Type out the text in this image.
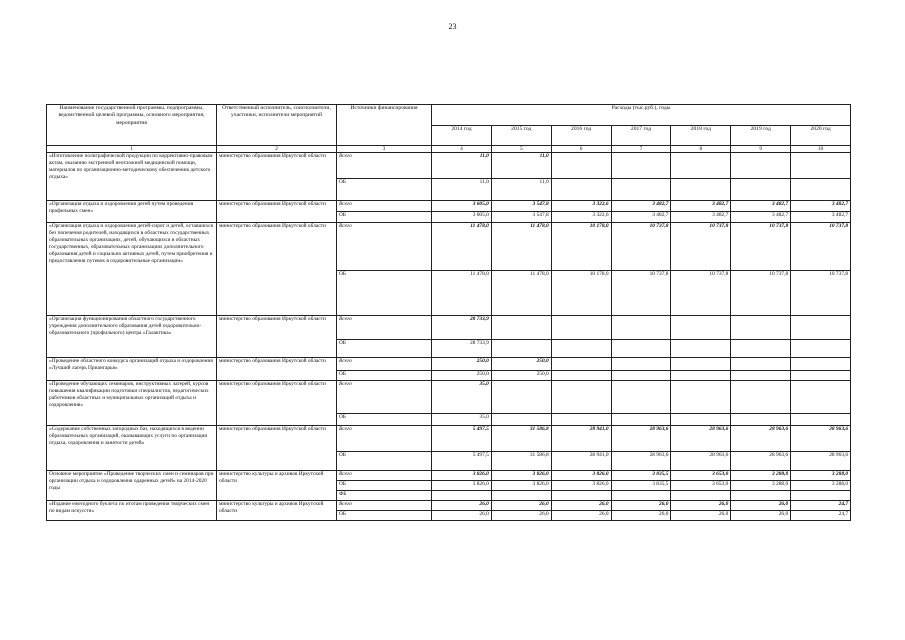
23
Наименование государственной программы, подпрограммы, ведомственной целевой программы, основного мероприятия, мероприятия	Ответственный исполнитель, соисполнители, участники, исполнители мероприятий	Источники финансирования	Расходы (тыс.руб.), годы						
			2014 год	2015 год	2016 год	2017 год	2018 год	2019 год	2020 год
1	2	3	4	5	6	7	8	9	10
«Изготовление полиграфической продукции по коррективно-правовым актам, оказанию экстренной неотложной медицинской помощи, материалов по организационно-методическому обеспечению детского отдыха»	министерство образования Иркутской области	Всего	11,0	11,0					
		ОБ	11,0	11,0					
«Организация отдыха и оздоровления детей путем проведения профильных смен»	министерство образования Иркутской области	Всего	3 605,0	3 547,8	3 322,6	3 482,7	3 482,7	3 482,7	3 482,7
		ОБ	3 605,0	3 547,8	3 322,6	3 482,7	3 482,7	3 482,7	3 482,7
«Организация отдыха и оздоровления детей-сирот и детей, оставшихся без попечения родителей, находящихся в областных государственных образовательных организациях, детей, обучающихся в областных государственных, образовательных организациях дополнительного образования детей и социально активных детей, путем приобретения и предоставления путевок в оздоровительные организации»	министерство образования Иркутской области	Всего	11 478,0	11 478,0	10 178,0	10 737,8	10 737,8	10 737,8	10 737,8
		ОБ	11 478,0	11 478,0	10 178,0	10 737,8	10 737,8	10 737,8	10 737,8
«Организация функционирования областного государственного учреждения дополнительного образования детей оздоровительно-образовательного (профильного) центра «Галактика»	министерство образования Иркутской области	Всего	28 733,9						
		ОБ	28 733,9						
«Проведение областного конкурса организаций отдыха и оздоровления «Лучший лагерь Приангарья»	министерство образования Иркутской области	Всего	250,0	250,0					
		ОБ	250,0	250,0					
«Проведение обучающих семинаров, инструктивных лагерей, курсов повышения квалификации подготовки специалистов, педагогических работников областных и муниципальных организаций отдыха и оздоровления»	министерство образования Иркутской области	Всего	35,0						
		ОБ	35,0						
«Содержание собственных загородных баз, находящихся в ведении образовательных организаций, оказывающих услуги по организации отдыха, оздоровления и занятости детей»	министерство образования Иркутской области	Всего	5 497,5	31 586,8	28 941,0	28 963,6	28 963,6	28 963,6	28 963,6
		ОБ	5 497,5	31 586,8	28 941,0	28 963,6	28 963,6	28 963,6	28 963,6
Основное мероприятие «Проведение творческих смен и семинаров при организации отдыха и оздоровления одаренных детей» на 2014-2020 годы	министерство культуры и архивов Иркутской области	Всего	3 826,0	3 826,0	3 826,0	3 835,5	3 653,0	3 288,0	3 288,0
		ОБ	3 826,0	3 826,0	3 826,0	3 835,5	3 653,0	3 288,0	3 288,0
		ФБ							
«Издание ежегодного буклета по итогам проведения творческих смен по видам искусств»	министерство культуры и архивов Иркутской области	Всего	26,0	26,0	26,0	26,0	26,0	26,0	24,7
		ОБ	26,0	26,0	26,0	26,0	26,0	26,0	24,7
